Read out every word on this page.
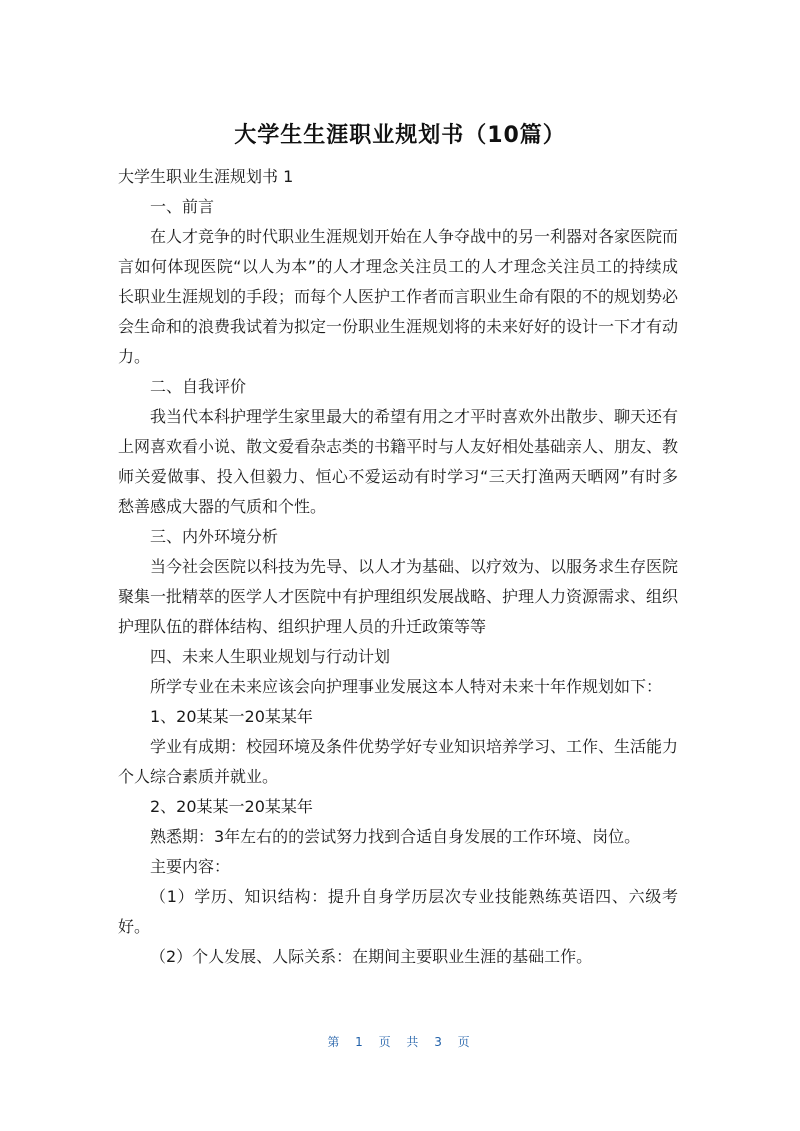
大学生生涯职业规划书（10篇）

大学生职业生涯规划书 1

一、前言

在人才竞争的时代职业生涯规划开始在人争夺战中的另一利器对各家医院而言如何体现医院“以人为本”的人才理念关注员工的人才理念关注员工的持续成长职业生涯规划的手段；而每个人医护工作者而言职业生命有限的不的规划势必会生命和的浪费我试着为拟定一份职业生涯规划将的未来好好的设计一下才有动力。

二、自我评价

我当代本科护理学生家里最大的希望有用之才平时喜欢外出散步、聊天还有上网喜欢看小说、散文爱看杂志类的书籍平时与人友好相处基础亲人、朋友、教师关爱做事、投入但毅力、恒心不爱运动有时学习“三天打渔两天晒网”有时多愁善感成大器的气质和个性。

三、内外环境分析

当今社会医院以科技为先导、以人才为基础、以疗效为、以服务求生存医院聚集一批精萃的医学人才医院中有护理组织发展战略、护理人力资源需求、组织护理队伍的群体结构、组织护理人员的升迁政策等等

四、未来人生职业规划与行动计划

所学专业在未来应该会向护理事业发展这本人特对未来十年作规划如下：

1、20某某一20某某年

学业有成期：校园环境及条件优势学好专业知识培养学习、工作、生活能力个人综合素质并就业。

2、20某某一20某某年

熟悉期：3年左右的的尝试努力找到合适自身发展的工作环境、岗位。

主要内容：

（1）学历、知识结构：提升自身学历层次专业技能熟练英语四、六级考好。

（2）个人发展、人际关系：在期间主要职业生涯的基础工作。

第 1 页 共 3 页
